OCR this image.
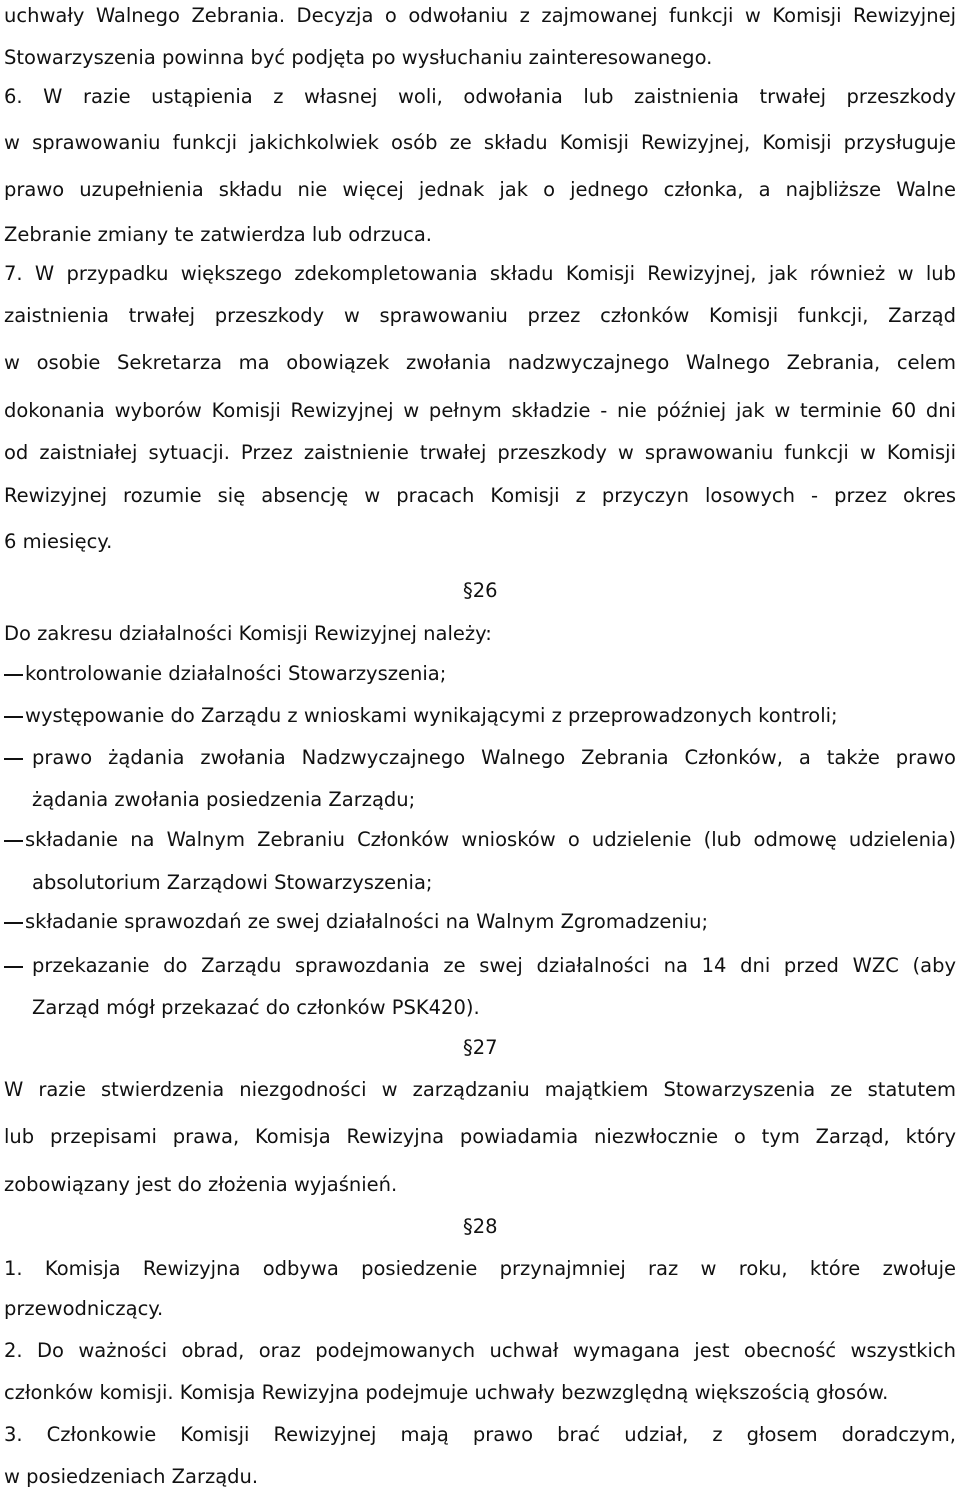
uchwały Walnego Zebrania. Decyzja o odwołaniu z zajmowanej funkcji w Komisji Rewizyjnej
Stowarzyszenia powinna być podjęta po wysłuchaniu zainteresowanego.
6. W razie ustąpienia z własnej woli, odwołania lub zaistnienia trwałej przeszkody
w sprawowaniu funkcji jakichkolwiek osób ze składu Komisji Rewizyjnej, Komisji przysługuje
prawo uzupełnienia składu nie więcej jednak jak o jednego członka, a najbliższe Walne
Zebranie zmiany te zatwierdza lub odrzuca.
7. W przypadku większego zdekompletowania składu Komisji Rewizyjnej, jak również w lub
zaistnienia trwałej przeszkody w sprawowaniu przez członków Komisji funkcji, Zarząd
w osobie Sekretarza ma obowiązek zwołania nadzwyczajnego Walnego Zebrania, celem
dokonania wyborów Komisji Rewizyjnej w pełnym składzie - nie później jak w terminie 60 dni
od zaistniałej sytuacji. Przez zaistnienie trwałej przeszkody w sprawowaniu funkcji w Komisji
Rewizyjnej rozumie się absencję w pracach Komisji z przyczyn losowych - przez okres
6 miesięcy.
§26
Do zakresu działalności Komisji Rewizyjnej należy:
kontrolowanie działalności Stowarzyszenia;
występowanie do Zarządu z wnioskami wynikającymi z przeprowadzonych kontroli;
prawo żądania zwołania Nadzwyczajnego Walnego Zebrania Członków, a także prawo
żądania zwołania posiedzenia Zarządu;
składanie na Walnym Zebraniu Członków wniosków o udzielenie (lub odmowę udzielenia)
absolutorium Zarządowi Stowarzyszenia;
składanie sprawozdań ze swej działalności na Walnym Zgromadzeniu;
przekazanie do Zarządu sprawozdania ze swej działalności na 14 dni przed WZC (aby
Zarząd mógł przekazać do członków PSK420).
§27
W razie stwierdzenia niezgodności w zarządzaniu majątkiem Stowarzyszenia ze statutem
lub przepisami prawa, Komisja Rewizyjna powiadamia niezwłocznie o tym Zarząd, który
zobowiązany jest do złożenia wyjaśnień.
§28
1. Komisja Rewizyjna odbywa posiedzenie przynajmniej raz w roku, które zwołuje
przewodniczący.
2. Do ważności obrad, oraz podejmowanych uchwał wymagana jest obecność wszystkich
członków komisji. Komisja Rewizyjna podejmuje uchwały bezwzględną większością głosów.
3. Członkowie Komisji Rewizyjnej mają prawo brać udział, z głosem doradczym,
w posiedzeniach Zarządu.
